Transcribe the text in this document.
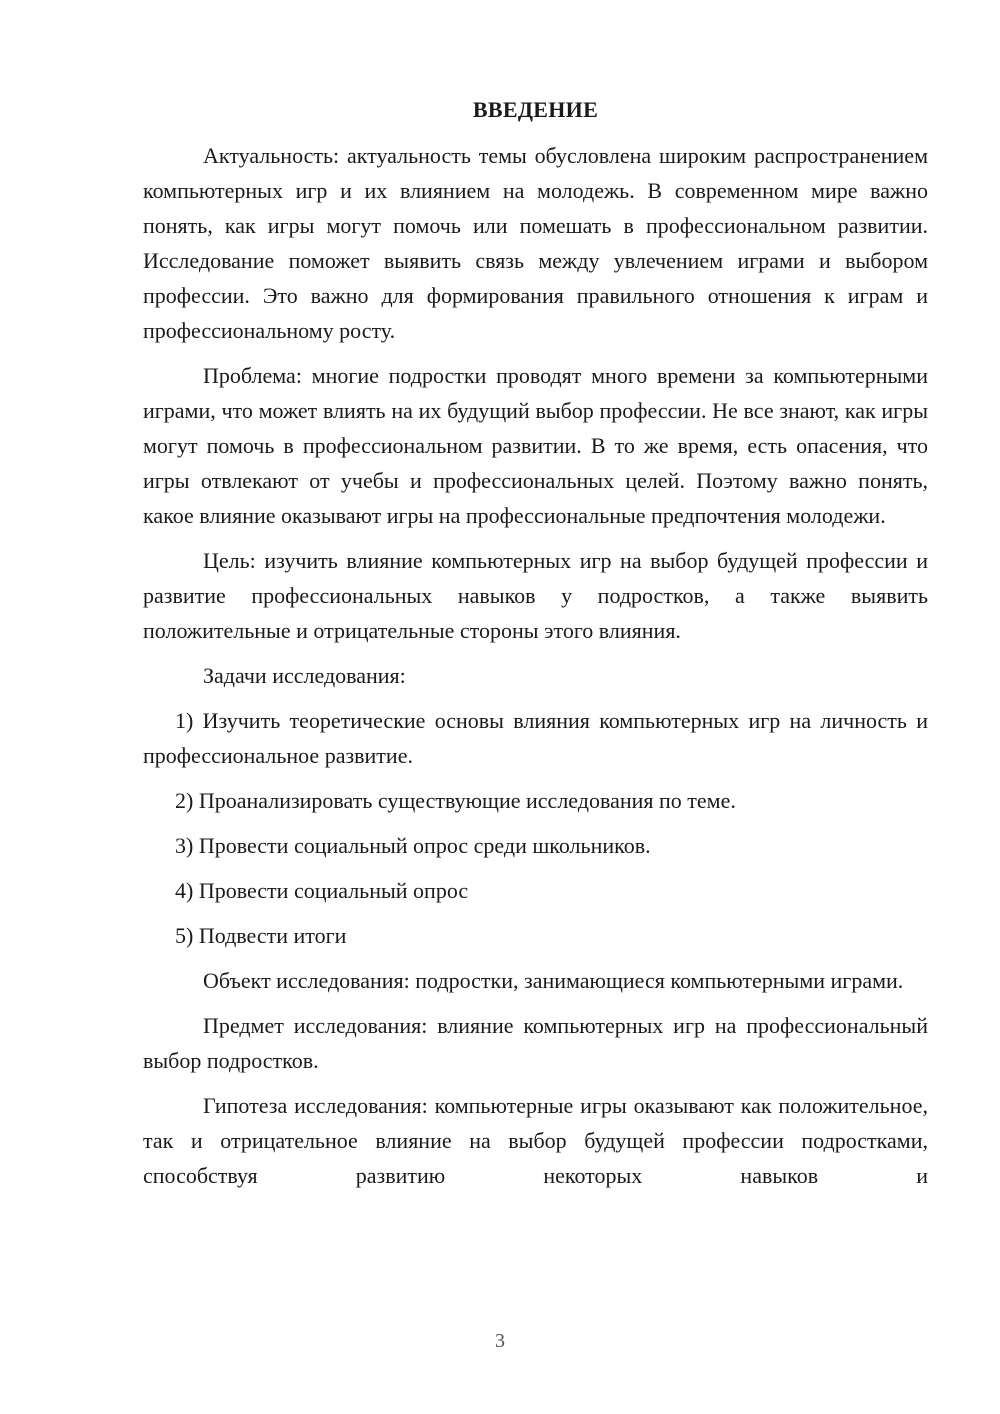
ВВЕДЕНИЕ

Актуальность: актуальность темы обусловлена широким распространением компьютерных игр и их влиянием на молодежь. В современном мире важно понять, как игры могут помочь или помешать в профессиональном развитии. Исследование поможет выявить связь между увлечением играми и выбором профессии. Это важно для формирования правильного отношения к играм и профессиональному росту.

Проблема: многие подростки проводят много времени за компьютерными играми, что может влиять на их будущий выбор профессии. Не все знают, как игры могут помочь в профессиональном развитии. В то же время, есть опасения, что игры отвлекают от учебы и профессиональных целей. Поэтому важно понять, какое влияние оказывают игры на профессиональные предпочтения молодежи.

Цель: изучить влияние компьютерных игр на выбор будущей профессии и развитие профессиональных навыков у подростков, а также выявить положительные и отрицательные стороны этого влияния.

Задачи исследования:

1) Изучить теоретические основы влияния компьютерных игр на личность и профессиональное развитие.

2) Проанализировать существующие исследования по теме.

3) Провести социальный опрос среди школьников.

4) Провести социальный опрос

5) Подвести итоги

Объект исследования: подростки, занимающиеся компьютерными играми.

Предмет исследования: влияние компьютерных игр на профессиональный выбор подростков.

Гипотеза исследования: компьютерные игры оказывают как положительное, так и отрицательное влияние на выбор будущей профессии подростками, способствуя развитию некоторых навыков и

3
